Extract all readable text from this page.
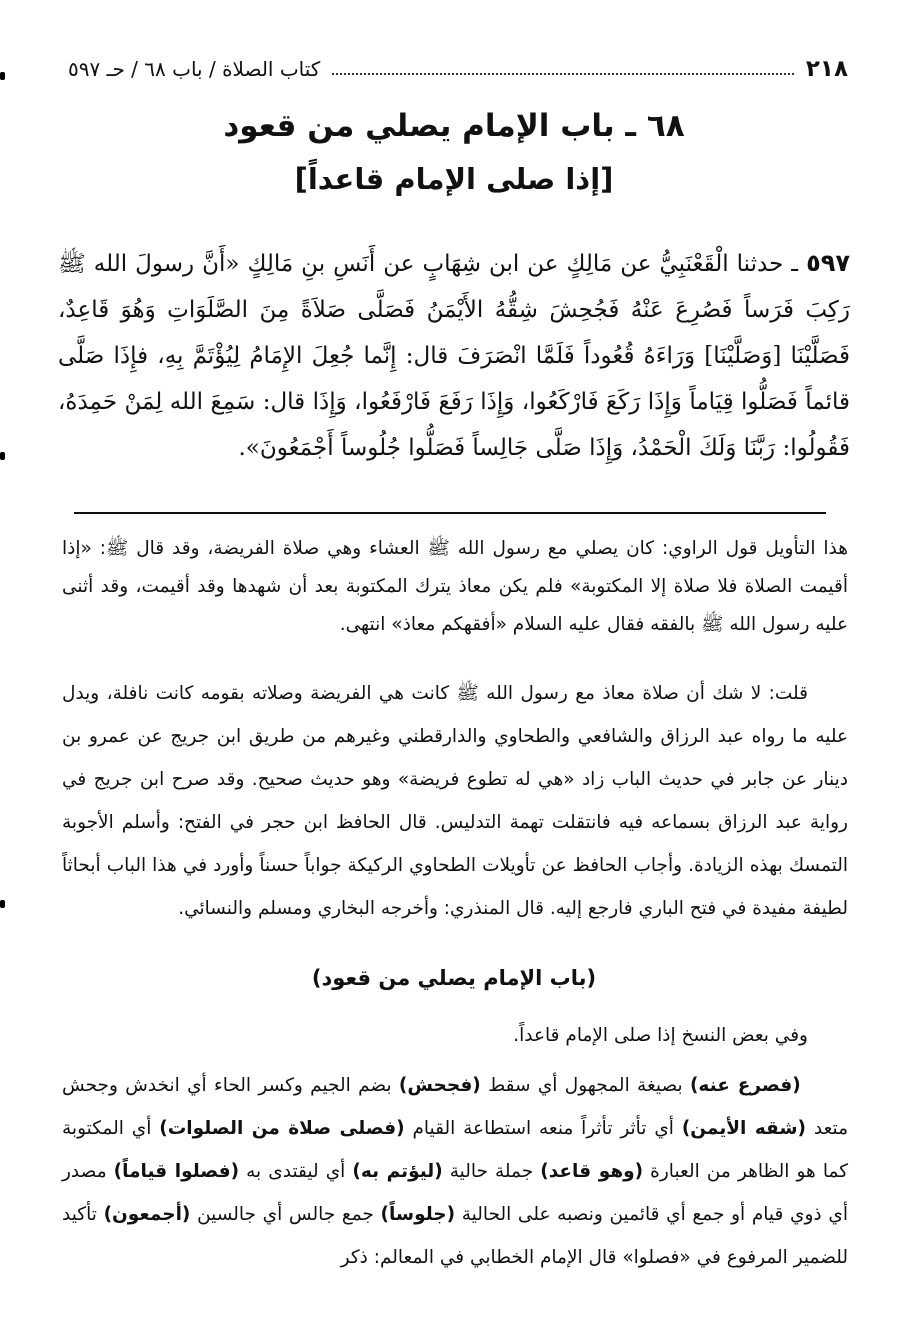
٢١٨
كتاب الصلاة / باب ٦٨ / حـ ٥٩٧
٦٨ ـ باب الإمام يصلي من قعود
[إذا صلى الإمام قاعداً]
٥٩٧ ـ حدثنا الْقَعْنَبِيُّ عن مَالِكٍ عن ابن شِهَابٍ عن أَنَسِ بنِ مَالِكٍ «أَنَّ رسولَ الله ﷺ رَكِبَ فَرَساً فَصُرِعَ عَنْهُ فَجُحِشَ شِقُّهُ الأَيْمَنُ فَصَلَّى صَلاَةً مِنَ الصَّلَوَاتِ وَهُوَ قَاعِدٌ، فَصَلَّيْنَا [وَصَلَّيْنَا] وَرَاءَهُ قُعُوداً فَلَمَّا انْصَرَفَ قال: إِنَّما جُعِلَ الإِمَامُ لِيُؤْتَمَّ بِهِ، فإِذَا صَلَّى قائماً فَصَلُّوا قِيَاماً وَإِذَا رَكَعَ فَارْكَعُوا، وَإِذَا رَفَعَ فَارْفَعُوا، وَإِذَا قال: سَمِعَ الله لِمَنْ حَمِدَهُ، فَقُولُوا: رَبَّنَا وَلَكَ الْحَمْدُ، وَإِذَا صَلَّى جَالِساً فَصَلُّوا جُلُوساً أَجْمَعُونَ».
هذا التأويل قول الراوي: كان يصلي مع رسول الله ﷺ العشاء وهي صلاة الفريضة، وقد قال ﷺ: «إذا أقيمت الصلاة فلا صلاة إلا المكتوبة» فلم يكن معاذ يترك المكتوبة بعد أن شهدها وقد أقيمت، وقد أثنى عليه رسول الله ﷺ بالفقه فقال عليه السلام «أفقهكم معاذ» انتهى.
قلت: لا شك أن صلاة معاذ مع رسول الله ﷺ كانت هي الفريضة وصلاته بقومه كانت نافلة، ويدل عليه ما رواه عبد الرزاق والشافعي والطحاوي والدارقطني وغيرهم من طريق ابن جريج عن عمرو بن دينار عن جابر في حديث الباب زاد «هي له تطوع فريضة» وهو حديث صحيح. وقد صرح ابن جريج في رواية عبد الرزاق بسماعه فيه فانتقلت تهمة التدليس. قال الحافظ ابن حجر في الفتح: وأسلم الأجوبة التمسك بهذه الزيادة. وأجاب الحافظ عن تأويلات الطحاوي الركيكة جواباً حسناً وأورد في هذا الباب أبحاثاً لطيفة مفيدة في فتح الباري فارجع إليه. قال المنذري: وأخرجه البخاري ومسلم والنسائي.
(باب الإمام يصلي من قعود)
وفي بعض النسخ إذا صلى الإمام قاعداً.
(فصرع عنه) بصيغة المجهول أي سقط (فجحش) بضم الجيم وكسر الحاء أي انخدش وجحش متعد (شقه الأيمن) أي تأثر تأثراً منعه استطاعة القيام (فصلى صلاة من الصلوات) أي المكتوبة كما هو الظاهر من العبارة (وهو قاعد) جملة حالية (ليؤتم به) أي ليقتدى به (فصلوا قياماً) مصدر أي ذوي قيام أو جمع أي قائمين ونصبه على الحالية (جلوساً) جمع جالس أي جالسين (أجمعون) تأكيد للضمير المرفوع في «فصلوا» قال الإمام الخطابي في المعالم: ذكر
